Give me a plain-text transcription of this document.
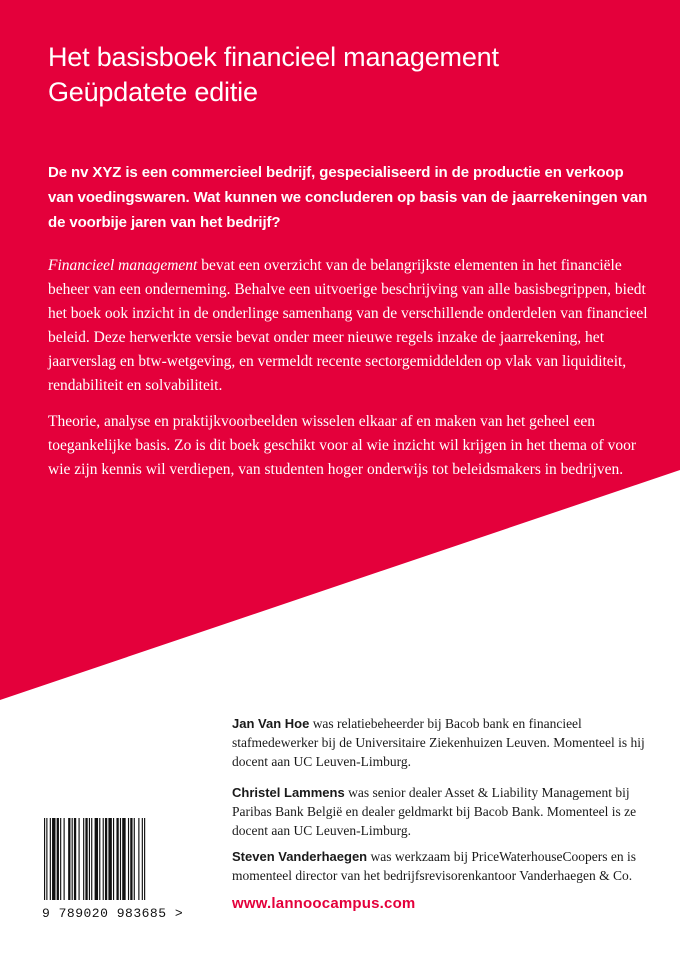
Het basisboek financieel management
Geüpdatete editie

De nv XYZ is een commercieel bedrijf, gespecialiseerd in de productie en verkoop van voedingswaren. Wat kunnen we concluderen op basis van de jaarrekeningen van de voorbije jaren van het bedrijf?

Financieel management bevat een overzicht van de belangrijkste elementen in het financiële beheer van een onderneming. Behalve een uitvoerige beschrijving van alle basisbegrippen, biedt het boek ook inzicht in de onderlinge samenhang van de verschillende onderdelen van financieel beleid. Deze herwerkte versie bevat onder meer nieuwe regels inzake de jaarrekening, het jaarverslag en btw-wetgeving, en vermeldt recente sectorgemiddelden op vlak van liquiditeit, rendabiliteit en solvabiliteit.

Theorie, analyse en praktijkvoorbeelden wisselen elkaar af en maken van het geheel een toegankelijke basis. Zo is dit boek geschikt voor al wie inzicht wil krijgen in het thema of voor wie zijn kennis wil verdiepen, van studenten hoger onderwijs tot beleidsmakers in bedrijven.

Jan Van Hoe was relatiebeheerder bij Bacob bank en financieel stafmedewerker bij de Universitaire Ziekenhuizen Leuven. Momenteel is hij docent aan UC Leuven-Limburg.

Christel Lammens was senior dealer Asset & Liability Management bij Paribas Bank België en dealer geldmarkt bij Bacob Bank. Momenteel is ze docent aan UC Leuven-Limburg.

Steven Vanderhaegen was werkzaam bij PriceWaterhouseCoopers en is momenteel director van het bedrijfsrevisorenkantoor Vanderhaegen & Co.

www.lannoocampus.com
9 789020 983685 >
